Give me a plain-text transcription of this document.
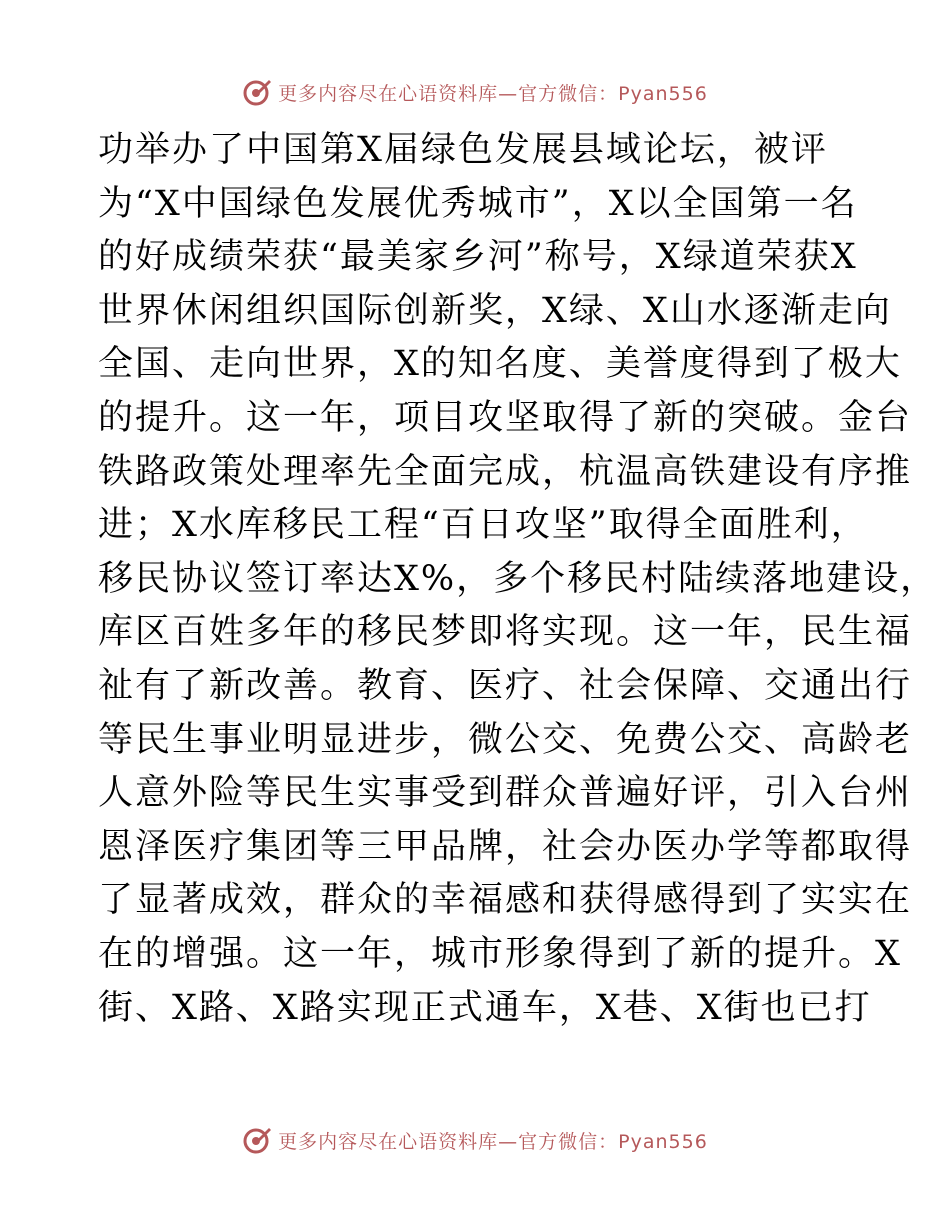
更多内容尽在心语资料库—官方微信：Pyan556
功举办了中国第Ⅹ届绿色发展县域论坛，被评
为“Ⅹ中国绿色发展优秀城市”，Ⅹ以全国第一名
的好成绩荣获“最美家乡河”称号，Ⅹ绿道荣获Ⅹ
世界休闲组织国际创新奖，Ⅹ绿、Ⅹ山水逐渐走向
全国、走向世界，Ⅹ的知名度、美誉度得到了极大
的提升。这一年，项目攻坚取得了新的突破。金台
铁路政策处理率先全面完成，杭温高铁建设有序推
进；Ⅹ水库移民工程“百日攻坚”取得全面胜利，
移民协议签订率达Ⅹ%，多个移民村陆续落地建设，
库区百姓多年的移民梦即将实现。这一年，民生福
祉有了新改善。教育、医疗、社会保障、交通出行
等民生事业明显进步，微公交、免费公交、高龄老
人意外险等民生实事受到群众普遍好评，引入台州
恩泽医疗集团等三甲品牌，社会办医办学等都取得
了显著成效，群众的幸福感和获得感得到了实实在
在的增强。这一年，城市形象得到了新的提升。Ⅹ
街、Ⅹ路、Ⅹ路实现正式通车，Ⅹ巷、Ⅹ街也已打
更多内容尽在心语资料库—官方微信：Pyan556
